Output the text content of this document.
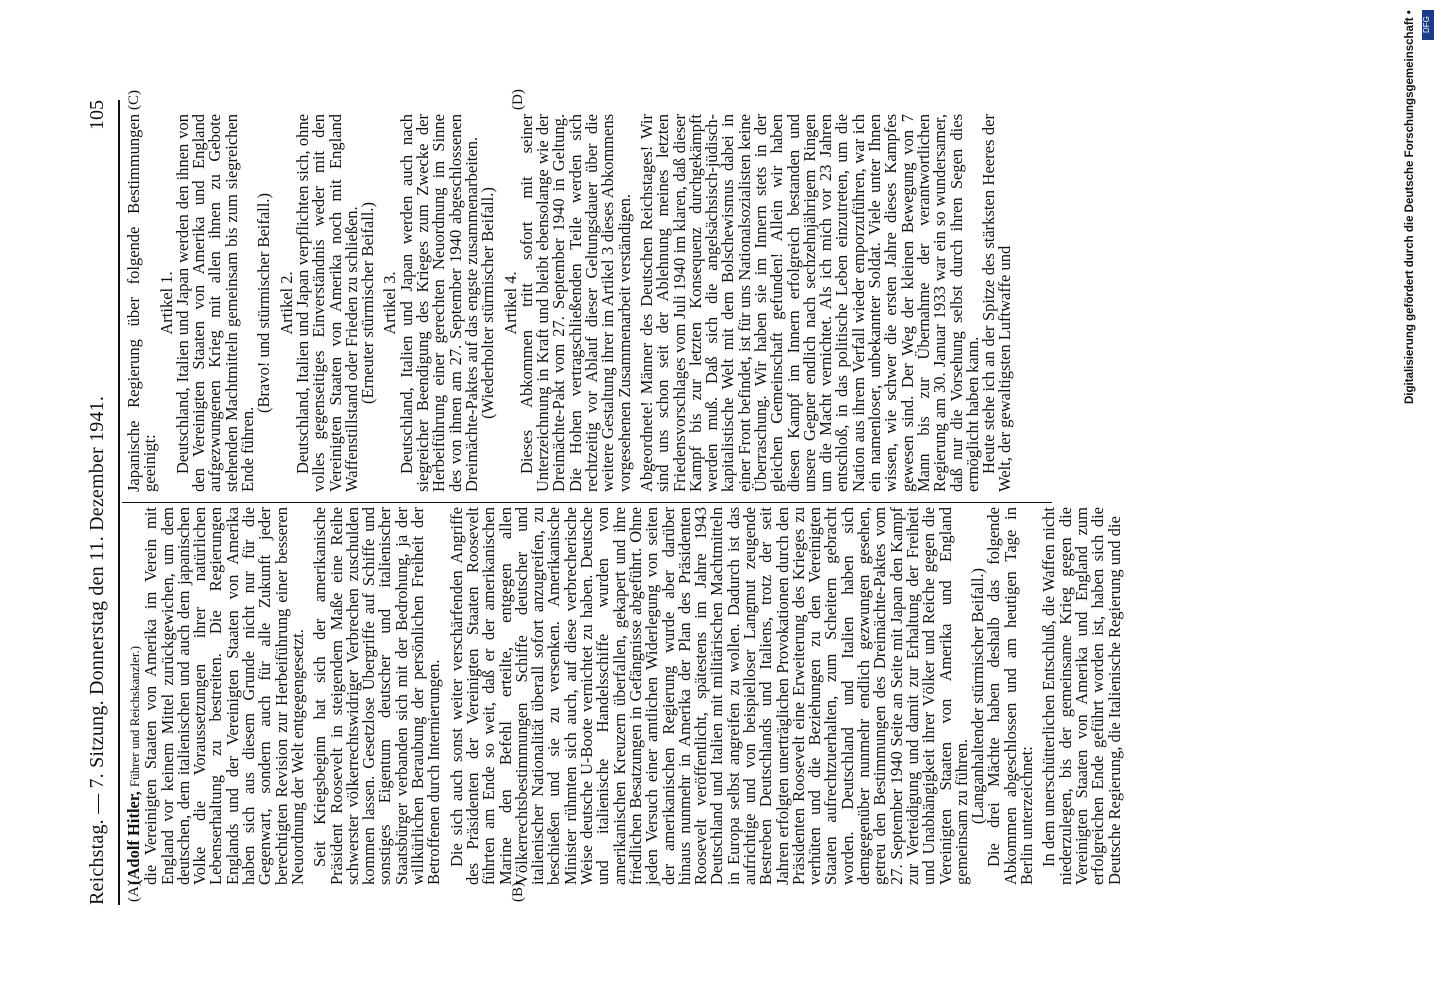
Reichstag. — 7. Sitzung. Donnerstag den 11. Dezember 1941.
105
(A)	(B)
(C)	(D)

(Adolf Hitler, Führer und Reichskanzler.) die Vereinigten Staaten von Amerika im Verein mit England vor keinem Mittel zurückgewichen, um dem deutschen, dem italienischen und auch dem japanischen Volke die Voraussetzungen ihrer natürlichen Lebenserhaltung zu bestreiten. Die Regierungen Englands und der Vereinigten Staaten von Amerika haben sich aus diesem Grunde nicht nur für die Gegenwart, sondern auch für alle Zukunft jeder berechtigten Revision zur Herbeiführung einer besseren Neuordnung der Welt entgegengesetzt. Seit Kriegsbeginn hat sich der amerikanische Präsident Roosevelt in steigendem Maße eine Reihe schwerster völkerrechtswidriger Verbrechen zuschulden kommen lassen. Gesetzlose Übergriffe auf Schiffe und sonstiges Eigentum deutscher und italienischer Staatsbürger verbanden sich mit der Bedrohung, ja der willkürlichen Beraubung der persönlichen Freiheit der Betroffenen durch Internierungen. Die sich auch sonst weiter verschärfenden Angriffe des Präsidenten der Vereinigten Staaten Roosevelt führten am Ende so weit, daß er der amerikanischen Marine den Befehl erteilte, entgegen allen Völkerrechtsbestimmungen Schiffe deutscher und italienischer Nationalität überall sofort anzugreifen, zu beschießen und sie zu versenken. Amerikanische Minister rühmten sich auch, auf diese verbrecherische Weise deutsche U-Boote vernichtet zu haben. Deutsche und italienische Handelsschiffe wurden von amerikanischen Kreuzern überfallen, gekapert und ihre friedlichen Besatzungen in Gefängnisse abgeführt. Ohne jeden Versuch einer amtlichen Widerlegung von seiten der amerikanischen Regierung wurde aber darüber hinaus nunmehr in Amerika der Plan des Präsidenten Roosevelt veröffentlicht, spätestens im Jahre 1943 Deutschland und Italien mit militärischen Machtmitteln in Europa selbst angreifen zu wollen. Dadurch ist das aufrichtige und von beispielloser Langmut zeugende Bestreben Deutschlands und Italiens, trotz der seit Jahren erfolgten unerträglichen Provokationen durch den Präsidenten Roosevelt eine Erweiterung des Krieges zu verhüten und die Beziehungen zu den Vereinigten Staaten aufrechtzuerhalten, zum Scheitern gebracht worden. Deutschland und Italien haben sich demgegenüber nunmehr endlich gezwungen gesehen, getreu den Bestimmungen des Dreimächte-Paktes vom 27. September 1940 Seite an Seite mit Japan den Kampf zur Verteidigung und damit zur Erhaltung der Freiheit und Unabhängigkeit ihrer Völker und Reiche gegen die Vereinigten Staaten von Amerika und England gemeinsam zu führen.

(Langanhaltender stürmischer Beifall.)

Die drei Mächte haben deshalb das folgende Abkommen abgeschlossen und am heutigen Tage in Berlin unterzeichnet: In dem unerschütterlichen Entschluß, die Waffen nicht niederzulegen, bis der gemeinsame Krieg gegen die Vereinigten Staaten von Amerika und England zum erfolgreichen Ende geführt worden ist, haben sich die Deutsche Regierung, die Italienische Regierung und die

Japanische Regierung über folgende Bestimmungen geeinigt:

Artikel 1.

Deutschland, Italien und Japan werden den ihnen von den Vereinigten Staaten von Amerika und England aufgezwungenen Krieg mit allen ihnen zu Gebote stehenden Machtmitteln gemeinsam bis zum siegreichen Ende führen.

(Bravo! und stürmischer Beifall.) Artikel 2.

Deutschland, Italien und Japan verpflichten sich, ohne volles gegenseitiges Einverständnis weder mit den Vereinigten Staaten von Amerika noch mit England Waffenstillstand oder Frieden zu schließen.

(Erneuter stürmischer Beifall.) Artikel 3.

Deutschland, Italien und Japan werden auch nach siegreicher Beendigung des Krieges zum Zwecke der Herbeiführung einer gerechten Neuordnung im Sinne des von ihnen am 27. September 1940 abgeschlossenen Dreimächte-Paktes auf das engste zusammenarbeiten.

(Wiederholter stürmischer Beifall.) Artikel 4.

Dieses Abkommen tritt sofort mit seiner Unterzeichnung in Kraft und bleibt ebensolange wie der Dreimächte-Pakt vom 27. September 1940 in Geltung. Die Hohen vertragschließenden Teile werden sich rechtzeitig vor Ablauf dieser Geltungsdauer über die weitere Gestaltung ihrer im Artikel 3 dieses Abkommens vorgesehenen Zusammenarbeit verständigen. Abgeordnete! Männer des Deutschen Reichstages! Wir sind uns schon seit der Ablehnung meines letzten Friedensvorschlages vom Juli 1940 im klaren, daß dieser Kampf bis zur letzten Konsequenz durchgekämpft werden muß. Daß sich die angelsächsisch-jüdisch-kapitalistische Welt mit dem Bolschewismus dabei in einer Front befindet, ist für uns Nationalsozialisten keine Überraschung. Wir haben sie im Innern stets in der gleichen Gemeinschaft gefunden! Allein wir haben diesen Kampf im Innern erfolgreich bestanden und unsere Gegner endlich nach sechzehnjährigem Ringen um die Macht vernichtet. Als ich mich vor 23 Jahren entschloß, in das politische Leben einzutreten, um die Nation aus ihrem Verfall wieder emporzuführen, war ich ein namenloser, unbekannter Soldat. Viele unter Ihnen wissen, wie schwer die ersten Jahre dieses Kampfes gewesen sind. Der Weg der kleinen Bewegung von 7 Mann bis zur Übernahme der verantwortlichen Regierung am 30. Januar 1933 war ein so wundersamer, daß nur die Vorsehung selbst durch ihren Segen dies ermöglicht haben kann.

Heute stehe ich an der Spitze des stärksten Heeres der Welt, der gewaltigsten Luftwaffe und	Digitalisierung gefördert durch die Deutsche Forschungsgemeinschaft • DFG
